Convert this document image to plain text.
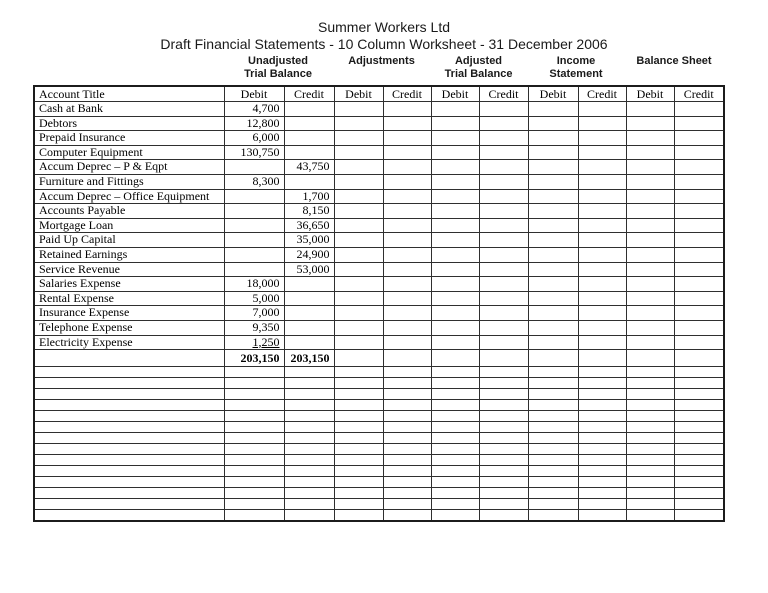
Summer Workers Ltd
Draft Financial Statements - 10 Column Worksheet - 31 December 2006
Unadjusted
Trial Balance
Adjustments	Adjusted
Trial Balance
Income
Statement
Balance Sheet
Account Title	Debit	Credit	Debit	Credit	Debit	Credit	Debit	Credit	Debit	Credit
Cash at Bank	4,700									
Debtors	12,800									
Prepaid Insurance	6,000									
Computer Equipment	130,750									
Accum Deprec – P & Eqpt		43,750								
Furniture and Fittings	8,300									
Accum Deprec – Office Equipment		1,700								
Accounts Payable		8,150								
Mortgage Loan		36,650								
Paid Up Capital		35,000								
Retained Earnings		24,900								
Service Revenue		53,000								
Salaries Expense	18,000									
Rental Expense	5,000									
Insurance Expense	7,000									
Telephone Expense	9,350									
Electricity Expense	1,250									
	203,150	203,150								
